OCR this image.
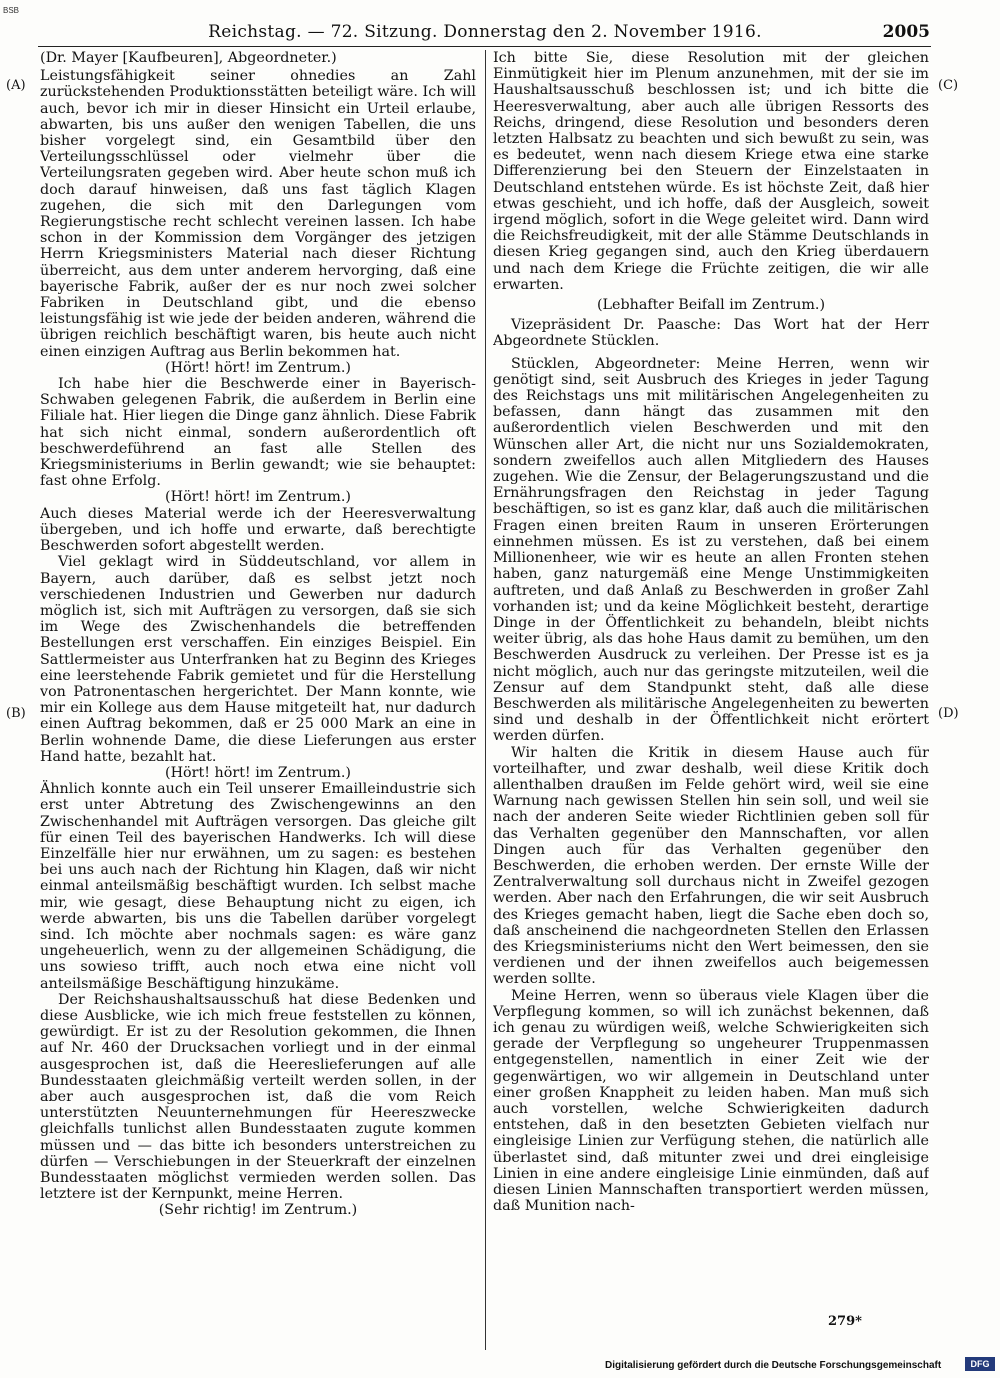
BSB
Reichstag. — 72. Sitzung. Donnerstag den 2. November 1916.	2005
(A)
(B)
(C)
(D)

(Dr. Mayer [Kaufbeuren], Abgeordneter.)

Leistungsfähigkeit seiner ohnedies an Zahl zurückstehenden Produktionsstätten beteiligt wäre. Ich will auch, bevor ich mir in dieser Hinsicht ein Urteil erlaube, abwarten, bis uns außer den wenigen Tabellen, die uns bisher vorgelegt sind, ein Gesamtbild über den Verteilungsschlüssel oder vielmehr über die Verteilungsraten gegeben wird. Aber heute schon muß ich doch darauf hinweisen, daß uns fast täglich Klagen zugehen, die sich mit den Darlegungen vom Regierungstische recht schlecht vereinen lassen. Ich habe schon in der Kommission dem Vorgänger des jetzigen Herrn Kriegsministers Material nach dieser Richtung überreicht, aus dem unter anderem hervorging, daß eine bayerische Fabrik, außer der es nur noch zwei solcher Fabriken in Deutschland gibt, und die ebenso leistungsfähig ist wie jede der beiden anderen, während die übrigen reichlich beschäftigt waren, bis heute auch nicht einen einzigen Auftrag aus Berlin bekommen hat.

(Hört! hört! im Zentrum.)

Ich habe hier die Beschwerde einer in Bayerisch-Schwaben gelegenen Fabrik, die außerdem in Berlin eine Filiale hat. Hier liegen die Dinge ganz ähnlich. Diese Fabrik hat sich nicht einmal, sondern außerordentlich oft beschwerdeführend an fast alle Stellen des Kriegsministeriums in Berlin gewandt; wie sie behauptet: fast ohne Erfolg.

(Hört! hört! im Zentrum.)

Auch dieses Material werde ich der Heeresverwaltung übergeben, und ich hoffe und erwarte, daß berechtigte Beschwerden sofort abgestellt werden.

Viel geklagt wird in Süddeutschland, vor allem in Bayern, auch darüber, daß es selbst jetzt noch verschiedenen Industrien und Gewerben nur dadurch möglich ist, sich mit Aufträgen zu versorgen, daß sie sich im Wege des Zwischenhandels die betreffenden Bestellungen erst verschaffen. Ein einziges Beispiel. Ein Sattlermeister aus Unterfranken hat zu Beginn des Krieges eine leerstehende Fabrik gemietet und für die Herstellung von Patronentaschen hergerichtet. Der Mann konnte, wie mir ein Kollege aus dem Hause mitgeteilt hat, nur dadurch einen Auftrag bekommen, daß er 25 000 Mark an eine in Berlin wohnende Dame, die diese Lieferungen aus erster Hand hatte, bezahlt hat.

(Hört! hört! im Zentrum.)

Ähnlich konnte auch ein Teil unserer Emailleindustrie sich erst unter Abtretung des Zwischengewinns an den Zwischenhandel mit Aufträgen versorgen. Das gleiche gilt für einen Teil des bayerischen Handwerks. Ich will diese Einzelfälle hier nur erwähnen, um zu sagen: es bestehen bei uns auch nach der Richtung hin Klagen, daß wir nicht einmal anteilsmäßig beschäftigt wurden. Ich selbst mache mir, wie gesagt, diese Behauptung nicht zu eigen, ich werde abwarten, bis uns die Tabellen darüber vorgelegt sind. Ich möchte aber nochmals sagen: es wäre ganz ungeheuerlich, wenn zu der allgemeinen Schädigung, die uns sowieso trifft, auch noch etwa eine nicht voll anteilsmäßige Beschäftigung hinzukäme.

Der Reichshaushaltsausschuß hat diese Bedenken und diese Ausblicke, wie ich mich freue feststellen zu können, gewürdigt. Er ist zu der Resolution gekommen, die Ihnen auf Nr. 460 der Drucksachen vorliegt und in der einmal ausgesprochen ist, daß die Heereslieferungen auf alle Bundesstaaten gleichmäßig verteilt werden sollen, in der aber auch ausgesprochen ist, daß die vom Reich unterstützten Neuunternehmungen für Heereszwecke gleichfalls tunlichst allen Bundesstaaten zugute kommen müssen und — das bitte ich besonders unterstreichen zu dürfen — Verschiebungen in der Steuerkraft der einzelnen Bundesstaaten möglichst vermieden werden sollen. Das letztere ist der Kernpunkt, meine Herren.

(Sehr richtig! im Zentrum.)

Ich bitte Sie, diese Resolution mit der gleichen Einmütigkeit hier im Plenum anzunehmen, mit der sie im Haushaltsausschuß beschlossen ist; und ich bitte die Heeresverwaltung, aber auch alle übrigen Ressorts des Reichs, dringend, diese Resolution und besonders deren letzten Halbsatz zu beachten und sich bewußt zu sein, was es bedeutet, wenn nach diesem Kriege etwa eine starke Differenzierung bei den Steuern der Einzelstaaten in Deutschland entstehen würde. Es ist höchste Zeit, daß hier etwas geschieht, und ich hoffe, daß der Ausgleich, soweit irgend möglich, sofort in die Wege geleitet wird. Dann wird die Reichsfreudigkeit, mit der alle Stämme Deutschlands in diesen Krieg gegangen sind, auch den Krieg überdauern und nach dem Kriege die Früchte zeitigen, die wir alle erwarten.

(Lebhafter Beifall im Zentrum.)

Vizepräsident Dr. Paasche: Das Wort hat der Herr Abgeordnete Stücklen.

Stücklen, Abgeordneter: Meine Herren, wenn wir genötigt sind, seit Ausbruch des Krieges in jeder Tagung des Reichstags uns mit militärischen Angelegenheiten zu befassen, dann hängt das zusammen mit den außerordentlich vielen Beschwerden und mit den Wünschen aller Art, die nicht nur uns Sozialdemokraten, sondern zweifellos auch allen Mitgliedern des Hauses zugehen. Wie die Zensur, der Belagerungszustand und die Ernährungsfragen den Reichstag in jeder Tagung beschäftigen, so ist es ganz klar, daß auch die militärischen Fragen einen breiten Raum in unseren Erörterungen einnehmen müssen. Es ist zu verstehen, daß bei einem Millionenheer, wie wir es heute an allen Fronten stehen haben, ganz naturgemäß eine Menge Unstimmigkeiten auftreten, und daß Anlaß zu Beschwerden in großer Zahl vorhanden ist; und da keine Möglichkeit besteht, derartige Dinge in der Öffentlichkeit zu behandeln, bleibt nichts weiter übrig, als das hohe Haus damit zu bemühen, um den Beschwerden Ausdruck zu verleihen. Der Presse ist es ja nicht möglich, auch nur das geringste mitzuteilen, weil die Zensur auf dem Standpunkt steht, daß alle diese Beschwerden als militärische Angelegenheiten zu bewerten sind und deshalb in der Öffentlichkeit nicht erörtert werden dürfen.

Wir halten die Kritik in diesem Hause auch für vorteilhafter, und zwar deshalb, weil diese Kritik doch allenthalben draußen im Felde gehört wird, weil sie eine Warnung nach gewissen Stellen hin sein soll, und weil sie nach der anderen Seite wieder Richtlinien geben soll für das Verhalten gegenüber den Mannschaften, vor allen Dingen auch für das Verhalten gegenüber den Beschwerden, die erhoben werden. Der ernste Wille der Zentralverwaltung soll durchaus nicht in Zweifel gezogen werden. Aber nach den Erfahrungen, die wir seit Ausbruch des Krieges gemacht haben, liegt die Sache eben doch so, daß anscheinend die nachgeordneten Stellen den Erlassen des Kriegsministeriums nicht den Wert beimessen, den sie verdienen und der ihnen zweifellos auch beigemessen werden sollte.

Meine Herren, wenn so überaus viele Klagen über die Verpflegung kommen, so will ich zunächst bekennen, daß ich genau zu würdigen weiß, welche Schwierigkeiten sich gerade der Verpflegung so ungeheurer Truppenmassen entgegenstellen, namentlich in einer Zeit wie der gegenwärtigen, wo wir allgemein in Deutschland unter einer großen Knappheit zu leiden haben. Man muß sich auch vorstellen, welche Schwierigkeiten dadurch entstehen, daß in den besetzten Gebieten vielfach nur eingleisige Linien zur Verfügung stehen, die natürlich alle überlastet sind, daß mitunter zwei und drei eingleisige Linien in eine andere eingleisige Linie einmünden, daß auf diesen Linien Mannschaften transportiert werden müssen, daß Munition nach-

279*
Digitalisierung gefördert durch die Deutsche Forschungsgemeinschaft	DFG
